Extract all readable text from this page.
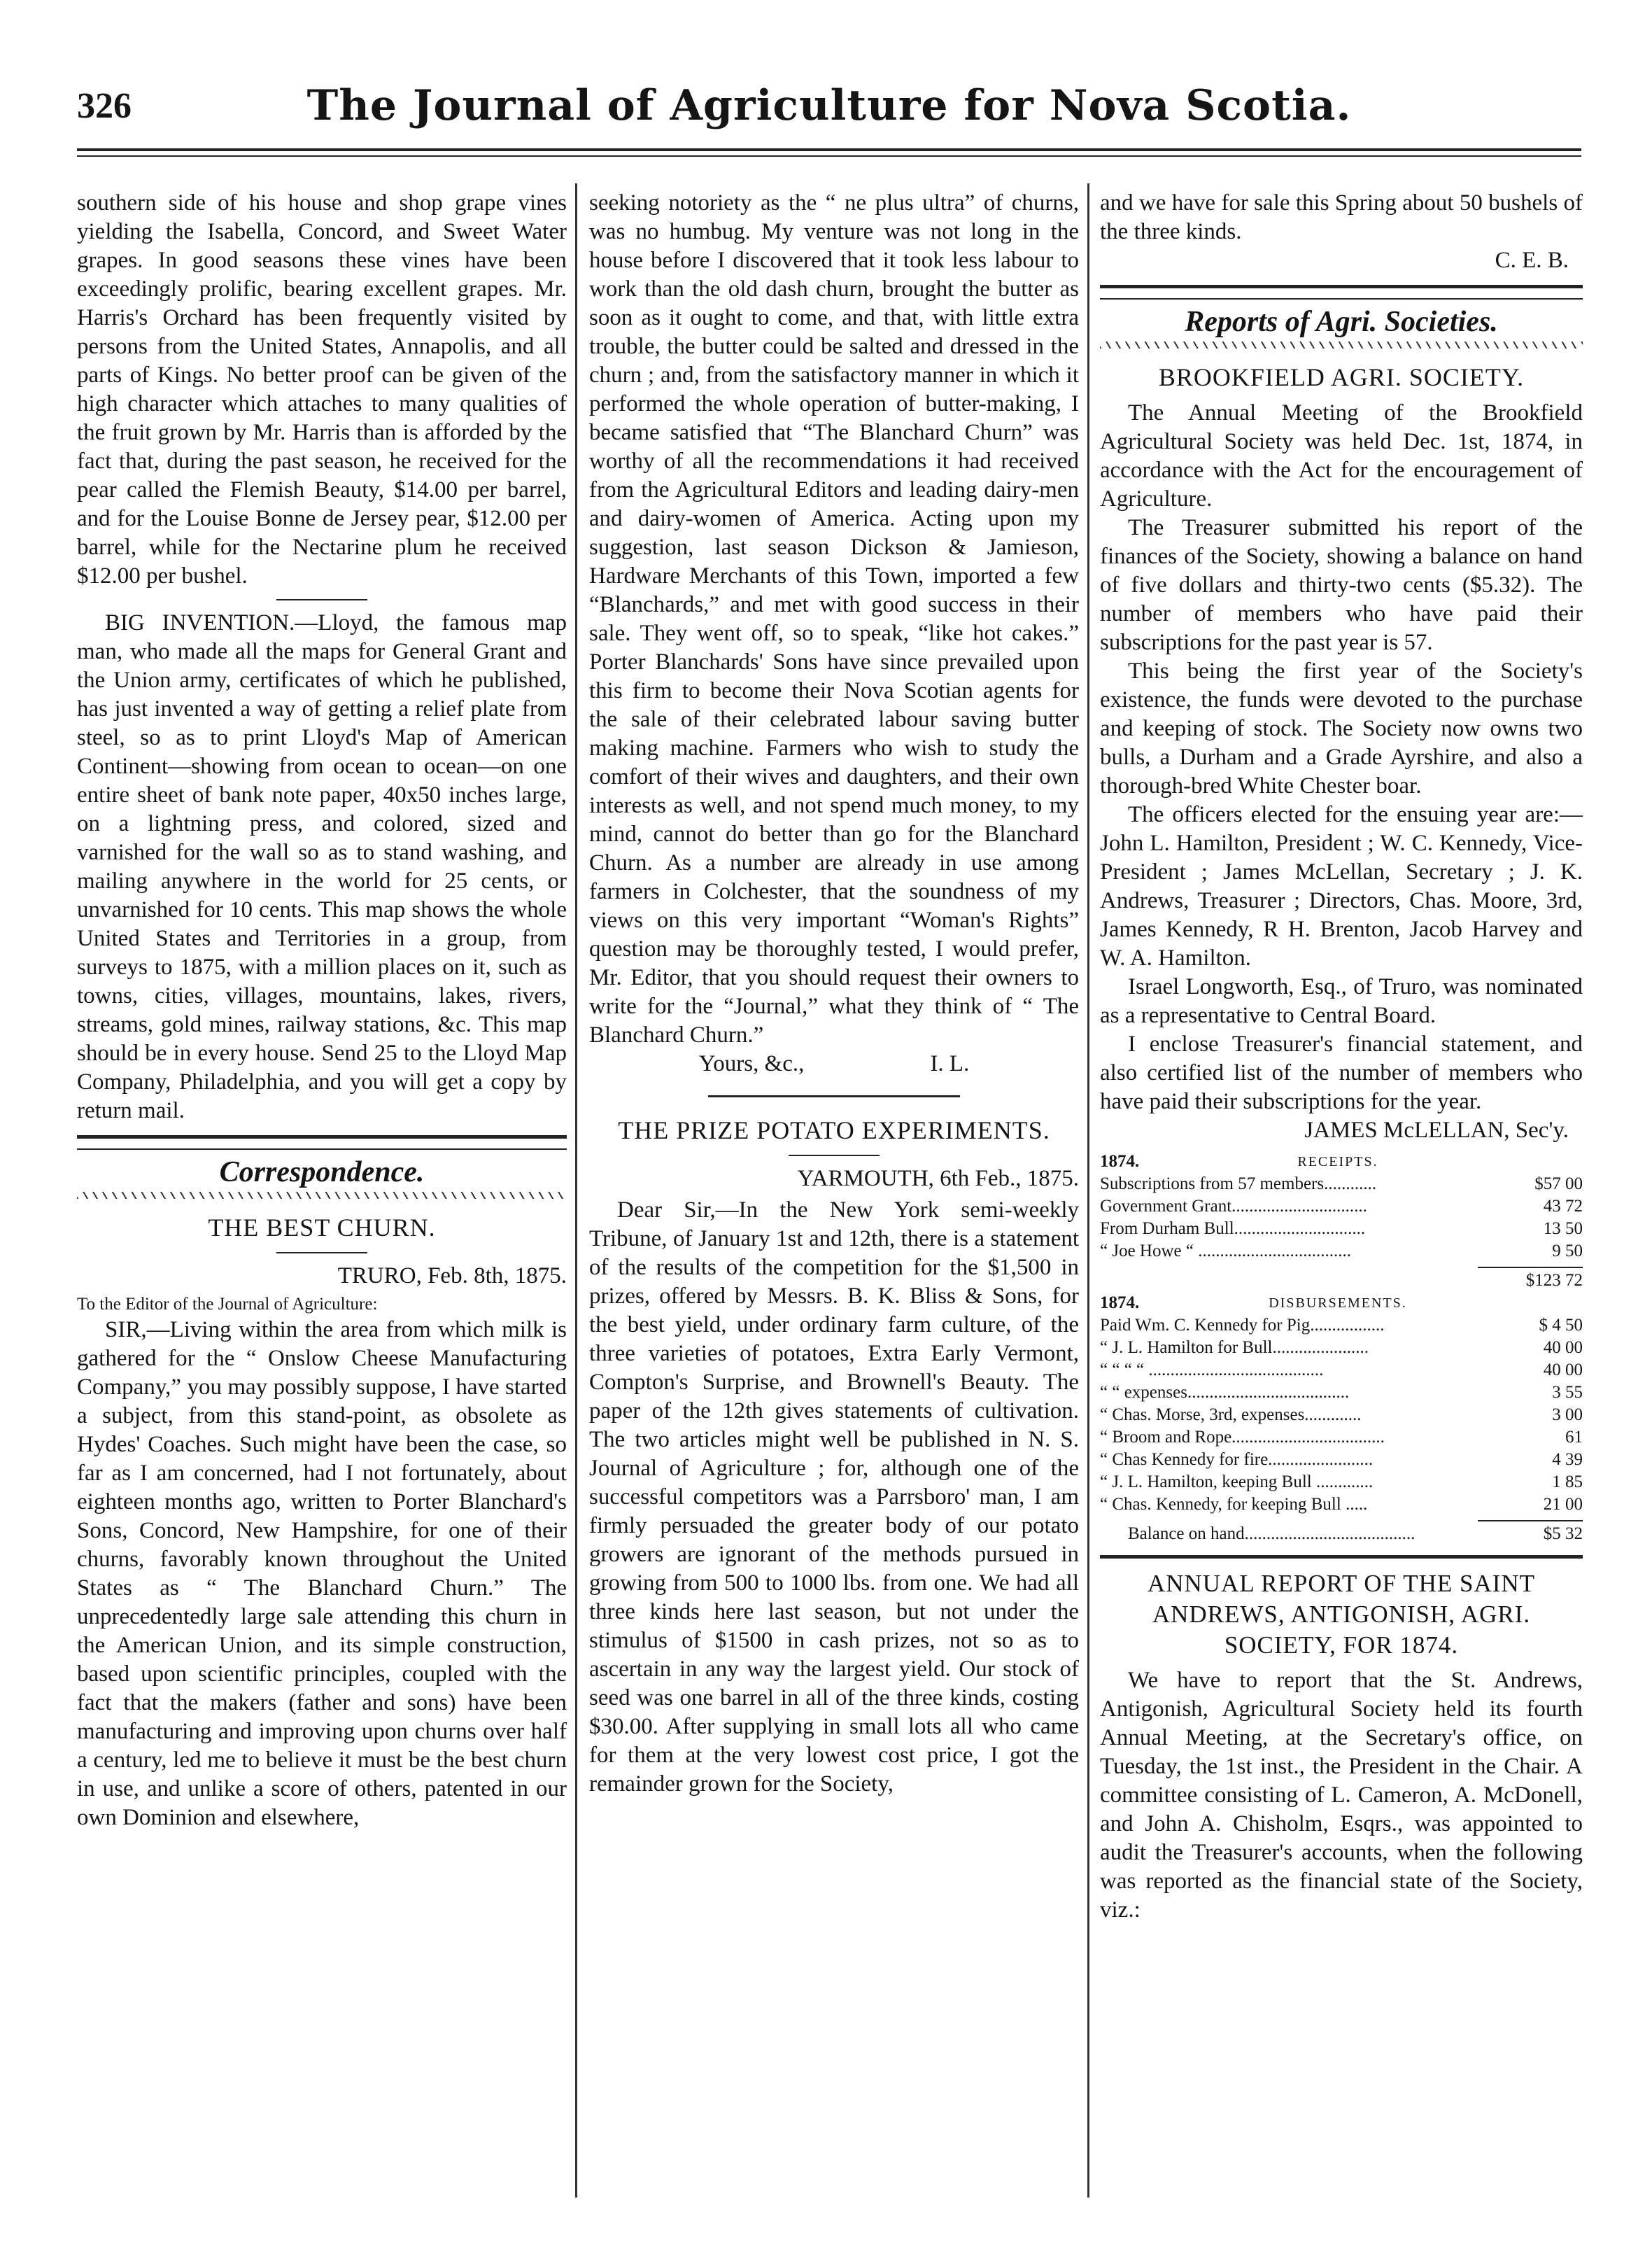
326	The Journal of Agriculture for Nova Scotia.

southern side of his house and shop grape vines yielding the Isabella, Concord, and Sweet Water grapes. In good seasons these vines have been exceedingly prolific, bearing excellent grapes. Mr. Harris's Orchard has been frequently visited by persons from the United States, Annapolis, and all parts of Kings. No better proof can be given of the high character which attaches to many qualities of the fruit grown by Mr. Harris than is afforded by the fact that, during the past season, he received for the pear called the Flemish Beauty, $14.00 per barrel, and for the Louise Bonne de Jersey pear, $12.00 per barrel, while for the Nectarine plum he received $12.00 per bushel.

BIG INVENTION.—Lloyd, the famous map man, who made all the maps for General Grant and the Union army, certificates of which he published, has just invented a way of getting a relief plate from steel, so as to print Lloyd's Map of American Continent—showing from ocean to ocean—on one entire sheet of bank note paper, 40x50 inches large, on a lightning press, and colored, sized and varnished for the wall so as to stand washing, and mailing anywhere in the world for 25 cents, or unvarnished for 10 cents. This map shows the whole United States and Territories in a group, from surveys to 1875, with a million places on it, such as towns, cities, villages, mountains, lakes, rivers, streams, gold mines, railway stations, &c. This map should be in every house. Send 25 to the Lloyd Map Company, Philadelphia, and you will get a copy by return mail.

Correspondence.
THE BEST CHURN.
TRURO, Feb. 8th, 1875.

To the Editor of the Journal of Agriculture:

SIR,—Living within the area from which milk is gathered for the “ Onslow Cheese Manufacturing Company,” you may possibly suppose, I have started a subject, from this stand-point, as obsolete as Hydes' Coaches. Such might have been the case, so far as I am concerned, had I not fortunately, about eighteen months ago, written to Porter Blanchard's Sons, Concord, New Hampshire, for one of their churns, favorably known throughout the United States as “ The Blanchard Churn.” The unprecedentedly large sale attending this churn in the American Union, and its simple construction, based upon scientific principles, coupled with the fact that the makers (father and sons) have been manufacturing and improving upon churns over half a century, led me to believe it must be the best churn in use, and unlike a score of others, patented in our own Dominion and elsewhere,

seeking notoriety as the “ ne plus ultra” of churns, was no humbug. My venture was not long in the house before I discovered that it took less labour to work than the old dash churn, brought the butter as soon as it ought to come, and that, with little extra trouble, the butter could be salted and dressed in the churn ; and, from the satisfactory manner in which it performed the whole operation of butter-making, I became satisfied that “The Blanchard Churn” was worthy of all the recommendations it had received from the Agricultural Editors and leading dairy-men and dairy-women of America. Acting upon my suggestion, last season Dickson & Jamieson, Hardware Merchants of this Town, imported a few “Blanchards,” and met with good success in their sale. They went off, so to speak, “like hot cakes.” Porter Blanchards' Sons have since prevailed upon this firm to become their Nova Scotian agents for the sale of their celebrated labour saving butter making machine. Farmers who wish to study the comfort of their wives and daughters, and their own interests as well, and not spend much money, to my mind, cannot do better than go for the Blanchard Churn. As a number are already in use among farmers in Colchester, that the soundness of my views on this very important “Woman's Rights” question may be thoroughly tested, I would prefer, Mr. Editor, that you should request their owners to write for the “Journal,” what they think of “ The Blanchard Churn.”

Yours, &c.,	I. L.

THE PRIZE POTATO EXPERIMENTS.
YARMOUTH, 6th Feb., 1875.

Dear Sir,—In the New York semi-weekly Tribune, of January 1st and 12th, there is a statement of the results of the competition for the $1,500 in prizes, offered by Messrs. B. K. Bliss & Sons, for the best yield, under ordinary farm culture, of the three varieties of potatoes, Extra Early Vermont, Compton's Surprise, and Brownell's Beauty. The paper of the 12th gives statements of cultivation. The two articles might well be published in N. S. Journal of Agriculture ; for, although one of the successful competitors was a Parrsboro' man, I am firmly persuaded the greater body of our potato growers are ignorant of the methods pursued in growing from 500 to 1000 lbs. from one. We had all three kinds here last season, but not under the stimulus of $1500 in cash prizes, not so as to ascertain in any way the largest yield. Our stock of seed was one barrel in all of the three kinds, costing $30.00. After supplying in small lots all who came for them at the very lowest cost price, I got the remainder grown for the Society,

and we have for sale this Spring about 50 bushels of the three kinds.

C. E. B.

Reports of Agri. Societies.
BROOKFIELD AGRI. SOCIETY.

The Annual Meeting of the Brookfield Agricultural Society was held Dec. 1st, 1874, in accordance with the Act for the encouragement of Agriculture.

The Treasurer submitted his report of the finances of the Society, showing a balance on hand of five dollars and thirty-two cents ($5.32). The number of members who have paid their subscriptions for the past year is 57.

This being the first year of the Society's existence, the funds were devoted to the purchase and keeping of stock. The Society now owns two bulls, a Durham and a Grade Ayrshire, and also a thorough-bred White Chester boar.

The officers elected for the ensuing year are:—John L. Hamilton, President ; W. C. Kennedy, Vice-President ; James McLellan, Secretary ; J. K. Andrews, Treasurer ; Directors, Chas. Moore, 3rd, James Kennedy, R H. Brenton, Jacob Harvey and W. A. Hamilton.

Israel Longworth, Esq., of Truro, was nominated as a representative to Central Board.

I enclose Treasurer's financial statement, and also certified list of the number of members who have paid their subscriptions for the year.

JAMES McLELLAN, Sec'y.

1874.	RECEIPTS.	
Subscriptions from 57 members............	$57 00
Government Grant...............................	43 72
From Durham Bull..............................	13 50
“ Joe Howe “ ...................................	9 50
	$123 72
1874.	DISBURSEMENTS.	
Paid Wm. C. Kennedy for Pig.................	$ 4 50
“ J. L. Hamilton for Bull......................	40 00
“ “ “ “ ........................................	40 00
“ “ expenses.....................................	3 55
“ Chas. Morse, 3rd, expenses.............	3 00
“ Broom and Rope...................................	61
“ Chas Kennedy for fire........................	4 39
“ J. L. Hamilton, keeping Bull .............	1 85
“ Chas. Kennedy, for keeping Bull .....	21 00
Balance on hand.......................................	$5 32
ANNUAL REPORT OF THE SAINT ANDREWS, ANTIGONISH, AGRI. SOCIETY, FOR 1874.

We have to report that the St. Andrews, Antigonish, Agricultural Society held its fourth Annual Meeting, at the Secretary's office, on Tuesday, the 1st inst., the President in the Chair. A committee consisting of L. Cameron, A. McDonell, and John A. Chisholm, Esqrs., was appointed to audit the Treasurer's accounts, when the following was reported as the financial state of the Society, viz.:
